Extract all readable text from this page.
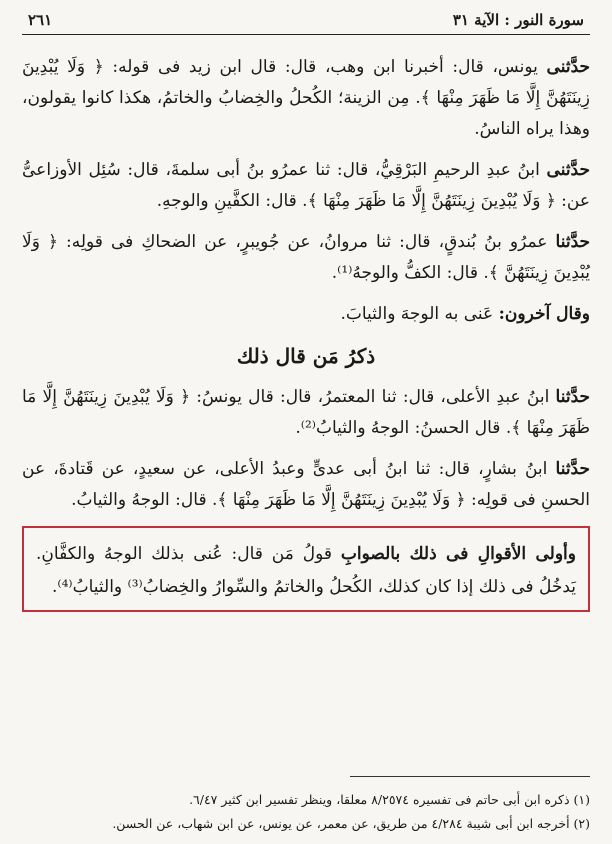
سورة النور : الآية ٣١
٢٦١

حدَّثنى يونس، قال: أخبرنا ابن وهب، قال: قال ابن زيد فى قوله: ﴿ وَلَا يُبْدِينَ زِينَتَهُنَّ إِلَّا مَا ظَهَرَ مِنْهَا ﴾. مِن الزينة؛ الكُحلُ والخِضابُ والخاتمُ، هكذا كانوا يقولون، وهذا يراه الناسُ.

حدَّثنى ابنُ عبدِ الرحيمِ البَرْقِيُّ، قال: ثنا عمرُو بنُ أبى سلمةَ، قال: سُئِل الأوزاعىُّ عن: ﴿ وَلَا يُبْدِينَ زِينَتَهُنَّ إِلَّا مَا ظَهَرَ مِنْهَا ﴾. قال: الكفَّينِ والوجهِ.

حدَّثنا عمرُو بنُ بُندقٍ، قال: ثنا مروانُ، عن جُويبرٍ، عن الضحاكِ فى قولِه: ﴿ وَلَا يُبْدِينَ زِينَتَهُنَّ ﴾. قال: الكفُّ والوجهُ⁽¹⁾.

وقال آخرون: عَنى به الوجهَ والثيابَ.

ذكرُ مَن قال ذلك

حدَّثنا ابنُ عبدِ الأعلى، قال: ثنا المعتمرُ، قال: قال يونسُ: ﴿ وَلَا يُبْدِينَ زِينَتَهُنَّ إِلَّا مَا ظَهَرَ مِنْهَا ﴾. قال الحسنُ: الوجهُ والثيابُ⁽²⁾.

حدَّثنا ابنُ بشارٍ، قال: ثنا ابنُ أبى عدىٍّ وعبدُ الأعلى، عن سعيدٍ، عن قَتادةَ، عن الحسنِ فى قولِه: ﴿ وَلَا يُبْدِينَ زِينَتَهُنَّ إِلَّا مَا ظَهَرَ مِنْهَا ﴾. قال: الوجهُ والثيابُ.

وأولى الأقوالِ فى ذلك بالصوابِ قولُ مَن قال: عُنى بذلك الوجهُ والكفَّانِ. يَدخُلُ فى ذلك إذا كان كذلك، الكُحلُ والخاتمُ والسِّوارُ والخِضابُ⁽³⁾ والثيابُ⁽⁴⁾.

(١) ذكره ابن أبى حاتم فى تفسيره ٨/٢٥٧٤ معلقا، وينظر تفسير ابن كثير ٦/٤٧.

(٢) أخرجه ابن أبى شيبة ٤/٢٨٤ من طريق، عن معمر، عن يونس، عن ابن شهاب، عن الحسن.
